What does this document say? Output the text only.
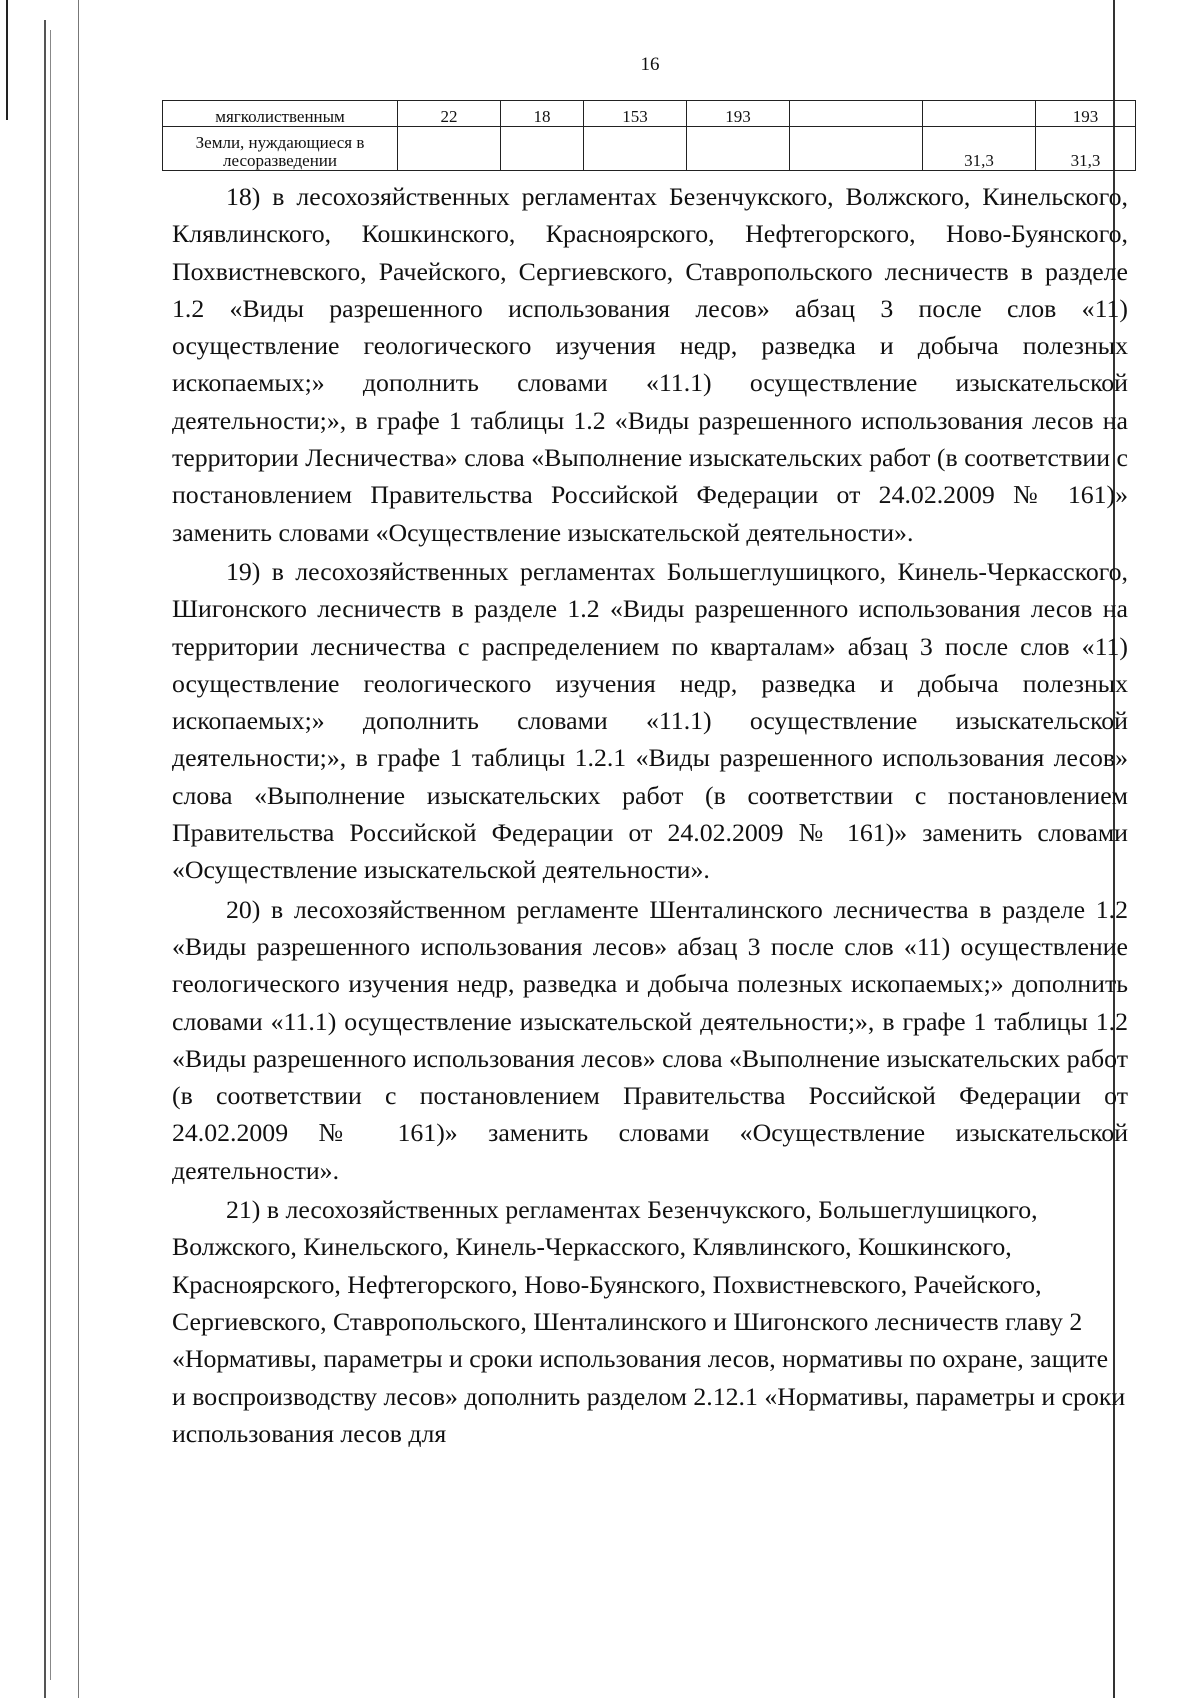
16
мягколиственным	22	18	153	193			193
Земли, нуждающиеся в лесоразведении						31,3	31,3

18) в лесохозяйственных регламентах Безенчукского, Волжского, Кинельского, Клявлинского, Кошкинского, Красноярского, Нефтегорского, Ново-Буянского, Похвистневского, Рачейского, Сергиевского, Ставропольского лесничеств в разделе 1.2 «Виды разрешенного использования лесов» абзац 3 после слов «11) осуществление геологического изучения недр, разведка и добыча полезных ископаемых;» дополнить словами «11.1) осуществление изыскательской деятельности;», в графе 1 таблицы 1.2 «Виды разрешенного использования лесов на территории Лесничества» слова «Выполнение изыскательских работ (в соответствии с постановлением Правительства Российской Федерации от 24.02.2009 № 161)» заменить словами «Осуществление изыскательской деятельности».

19) в лесохозяйственных регламентах Большеглушицкого, Кинель-Черкасского, Шигонского лесничеств в разделе 1.2 «Виды разрешенного использования лесов на территории лесничества с распределением по кварталам» абзац 3 после слов «11) осуществление геологического изучения недр, разведка и добыча полезных ископаемых;» дополнить словами «11.1) осуществление изыскательской деятельности;», в графе 1 таблицы 1.2.1 «Виды разрешенного использования лесов» слова «Выполнение изыскательских работ (в соответствии с постановлением Правительства Российской Федерации от 24.02.2009 № 161)» заменить словами «Осуществление изыскательской деятельности».

20) в лесохозяйственном регламенте Шенталинского лесничества в разделе 1.2 «Виды разрешенного использования лесов» абзац 3 после слов «11) осуществление геологического изучения недр, разведка и добыча полезных ископаемых;» дополнить словами «11.1) осуществление изыскательской деятельности;», в графе 1 таблицы 1.2 «Виды разрешенного использования лесов» слова «Выполнение изыскательских работ (в соответствии с постановлением Правительства Российской Федерации от 24.02.2009 № 161)» заменить словами «Осуществление изыскательской деятельности».

21) в лесохозяйственных регламентах Безенчукского, Большеглушицкого, Волжского, Кинельского, Кинель-Черкасского, Клявлинского, Кошкинского, Красноярского, Нефтегорского, Ново-Буянского, Похвистневского, Рачейского, Сергиевского, Ставропольского, Шенталинского и Шигонского лесничеств главу 2 «Нормативы, параметры и сроки использования лесов, нормативы по охране, защите и воспроизводству лесов» дополнить разделом 2.12.1 «Нормативы, параметры и сроки использования лесов для
